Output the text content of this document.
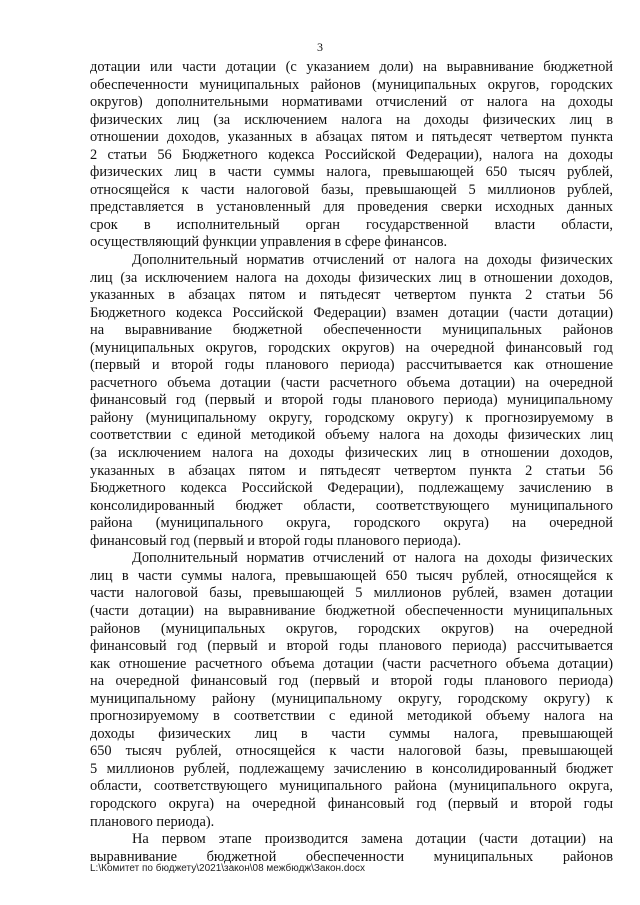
3
дотации или части дотации (с указанием доли) на выравнивание бюджетной
обеспеченности муниципальных районов (муниципальных округов, городских
округов) дополнительными нормативами отчислений от налога на доходы
физических лиц (за исключением налога на доходы физических лиц в
отношении доходов, указанных в абзацах пятом и пятьдесят четвертом пункта
2 статьи 56 Бюджетного кодекса Российской Федерации), налога на доходы
физических лиц в части суммы налога, превышающей 650 тысяч рублей,
относящейся к части налоговой базы, превышающей 5 миллионов рублей,
представляется в установленный для проведения сверки исходных данных
срок в исполнительный орган государственной власти области,
осуществляющий функции управления в сфере финансов.
Дополнительный норматив отчислений от налога на доходы физических
лиц (за исключением налога на доходы физических лиц в отношении доходов,
указанных в абзацах пятом и пятьдесят четвертом пункта 2 статьи 56
Бюджетного кодекса Российской Федерации) взамен дотации (части дотации)
на выравнивание бюджетной обеспеченности муниципальных районов
(муниципальных округов, городских округов) на очередной финансовый год
(первый и второй годы планового периода) рассчитывается как отношение
расчетного объема дотации (части расчетного объема дотации) на очередной
финансовый год (первый и второй годы планового периода) муниципальному
району (муниципальному округу, городскому округу) к прогнозируемому в
соответствии с единой методикой объему налога на доходы физических лиц
(за исключением налога на доходы физических лиц в отношении доходов,
указанных в абзацах пятом и пятьдесят четвертом пункта 2 статьи 56
Бюджетного кодекса Российской Федерации), подлежащему зачислению в
консолидированный бюджет области, соответствующего муниципального
района (муниципального округа, городского округа) на очередной
финансовый год (первый и второй годы планового периода).
Дополнительный норматив отчислений от налога на доходы физических
лиц в части суммы налога, превышающей 650 тысяч рублей, относящейся к
части налоговой базы, превышающей 5 миллионов рублей, взамен дотации
(части дотации) на выравнивание бюджетной обеспеченности муниципальных
районов (муниципальных округов, городских округов) на очередной
финансовый год (первый и второй годы планового периода) рассчитывается
как отношение расчетного объема дотации (части расчетного объема дотации)
на очередной финансовый год (первый и второй годы планового периода)
муниципальному району (муниципальному округу, городскому округу) к
прогнозируемому в соответствии с единой методикой объему налога на
доходы физических лиц в части суммы налога, превышающей
650 тысяч рублей, относящейся к части налоговой базы, превышающей
5 миллионов рублей, подлежащему зачислению в консолидированный бюджет
области, соответствующего муниципального района (муниципального округа,
городского округа) на очередной финансовый год (первый и второй годы
планового периода).
На первом этапе производится замена дотации (части дотации) на
выравнивание бюджетной обеспеченности муниципальных районов
L:\Комитет по бюджету\2021\закон\08 межбюдж\Закон.docx
